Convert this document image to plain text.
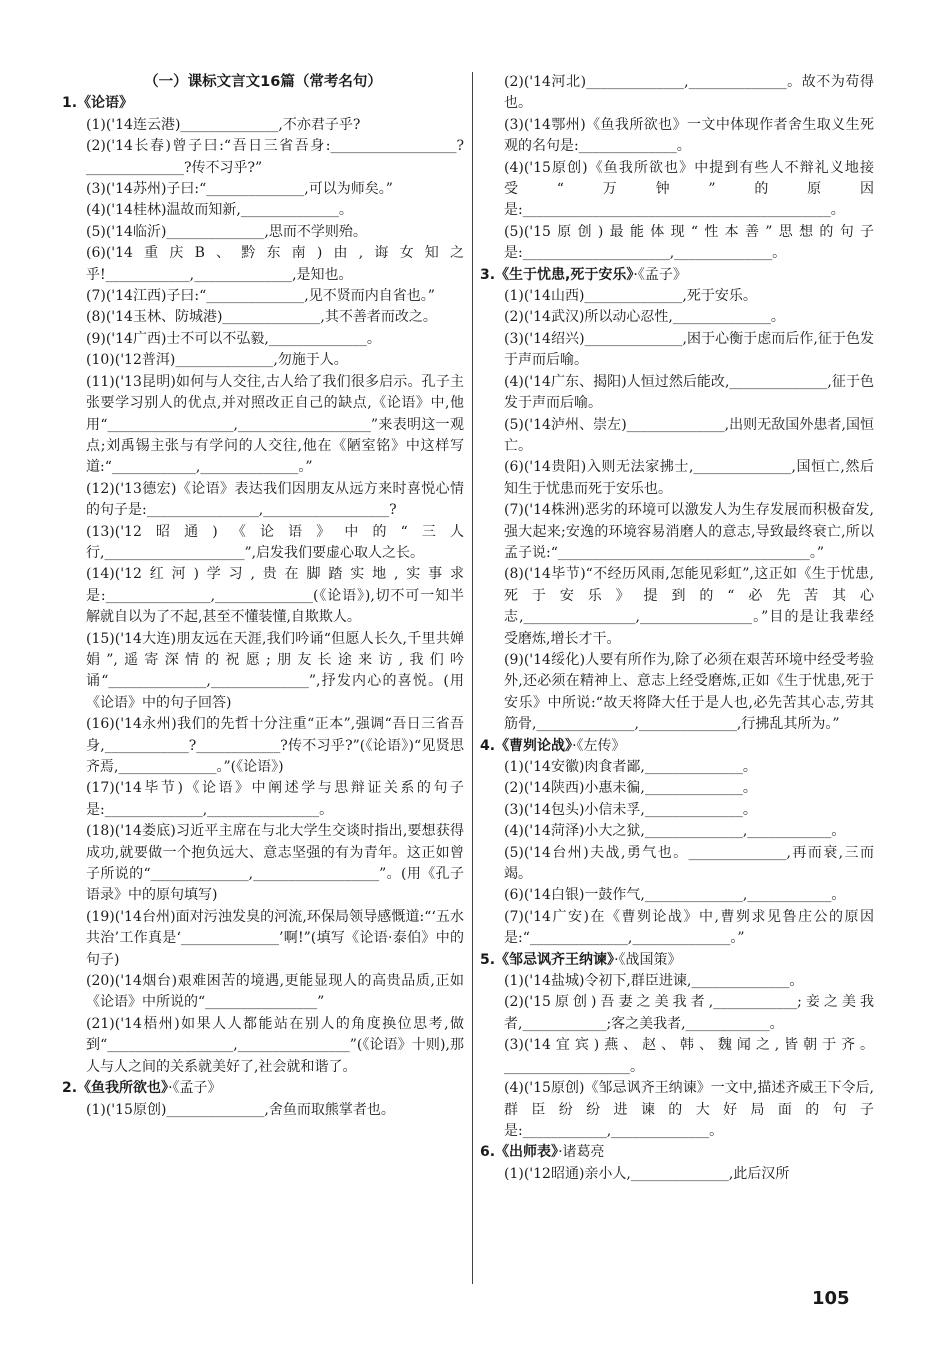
（一）课标文言文16篇（常考名句）
1.《论语》
(1)('14连云港)______________,不亦君子乎?
(2)('14长春)曾子曰:“吾日三省吾身:__________________?______________?传不习乎?”
(3)('14苏州)子曰:“______________,可以为师矣。”
(4)('14桂林)温故而知新,______________。
(5)('14临沂)______________,思而不学则殆。
(6)('14重庆B、黔东南)由,诲女知之乎!____________,______________,是知也。
(7)('14江西)子曰:“______________,见不贤而内自省也。”
(8)('14玉林、防城港)______________,其不善者而改之。
(9)('14广西)士不可以不弘毅,______________。
(10)('12普洱)______________,勿施于人。
(11)('13昆明)如何与人交往,古人给了我们很多启示。孔子主张要学习别人的优点,并对照改正自己的缺点,《论语》中,他用“__________________,___________________”来表明这一观点;刘禹锡主张与有学问的人交往,他在《陋室铭》中这样写道:“____________,______________。”
(12)('13德宏)《论语》表达我们因朋友从远方来时喜悦心情的句子是:________________,__________________?
(13)('12昭通)《论语》中的“三人行,____________________”,启发我们要虚心取人之长。
(14)('12红河)学习,贵在脚踏实地,实事求是:_______________,______________(《论语》),切不可一知半解就自以为了不起,甚至不懂装懂,自欺欺人。
(15)('14大连)朋友远在天涯,我们吟诵“但愿人长久,千里共婵娟”,遥寄深情的祝愿;朋友长途来访,我们吟诵“______________,______________”,抒发内心的喜悦。(用《论语》中的句子回答)
(16)('14永州)我们的先哲十分注重“正本”,强调“吾日三省吾身,____________?____________?传不习乎?”(《论语》)“见贤思齐焉,______________。”(《论语》)
(17)('14毕节)《论语》中阐述学与思辩证关系的句子是:______________,________________。
(18)('14娄底)习近平主席在与北大学生交谈时指出,要想获得成功,就要做一个抱负远大、意志坚强的有为青年。这正如曾子所说的“______________,__________________”。(用《孔子语录》中的原句填写)
(19)('14台州)面对污浊发臭的河流,环保局领导感慨道:“‘五水共治’工作真是‘______________’啊!”(填写《论语·泰伯》中的句子)
(20)('14烟台)艰难困苦的境遇,更能显现人的高贵品质,正如《论语》中所说的“________________”
(21)('14梧州)如果人人都能站在别人的角度换位思考,做到“__________________,________________”(《论语》十则),那人与人之间的关系就美好了,社会就和谐了。
2.《鱼我所欲也》·《孟子》
(1)('15原创)______________,舍鱼而取熊掌者也。
(2)('14河北)______________,______________。故不为苟得也。
(3)('14鄂州)《鱼我所欲也》一文中体现作者舍生取义生死观的名句是:______________。
(4)('15原创)《鱼我所欲也》中提到有些人不辩礼义地接受“万钟”的原因是:____________________________________________。
(5)('15原创)最能体现“性本善”思想的句子是:_____________________,______________。
3.《生于忧患,死于安乐》·《孟子》
(1)('14山西)______________,死于安乐。
(2)('14武汉)所以动心忍性,______________。
(3)('14绍兴)______________,困于心衡于虑而后作,征于色发于声而后喻。
(4)('14广东、揭阳)人恒过然后能改,______________,征于色发于声而后喻。
(5)('14泸州、崇左)______________,出则无敌国外患者,国恒亡。
(6)('14贵阳)入则无法家拂士,______________,国恒亡,然后知生于忧患而死于安乐也。
(7)('14株洲)恶劣的环境可以激发人为生存发展而积极奋发,强大起来;安逸的环境容易消磨人的意志,导致最终衰亡,所以孟子说:“____________________________________。”
(8)('14毕节)“不经历风雨,怎能见彩虹”,这正如《生于忧患,死于安乐》提到的“必先苦其心志,________________,________________。”目的是让我辈经受磨炼,增长才干。
(9)('14绥化)人要有所作为,除了必须在艰苦环境中经受考验外,还必须在精神上、意志上经受磨炼,正如《生于忧患,死于安乐》中所说:“故天将降大任于是人也,必先苦其心志,劳其筋骨,______________,______________,行拂乱其所为。”
4.《曹刿论战》·《左传》
(1)('14安徽)肉食者鄙,______________。
(2)('14陕西)小惠未徧,______________。
(3)('14包头)小信未孚,______________。
(4)('14菏泽)小大之狱,______________,____________。
(5)('14台州)夫战,勇气也。______________,再而衰,三而竭。
(6)('14白银)一鼓作气,______________,____________。
(7)('14广安)在《曹刿论战》中,曹刿求见鲁庄公的原因是:“______________,______________。”
5.《邹忌讽齐王纳谏》·《战国策》
(1)('14盐城)令初下,群臣进谏,______________。
(2)('15原创)吾妻之美我者,____________;妾之美我者,____________;客之美我者,____________。
(3)('14宜宾)燕、赵、韩、魏闻之,皆朝于齐。__________________。
(4)('15原创)《邹忌讽齐王纳谏》一文中,描述齐威王下令后,群臣纷纷进谏的大好局面的句子是:____________,______________。
6.《出师表》·诸葛亮
(1)('12昭通)亲小人,______________,此后汉所
105
